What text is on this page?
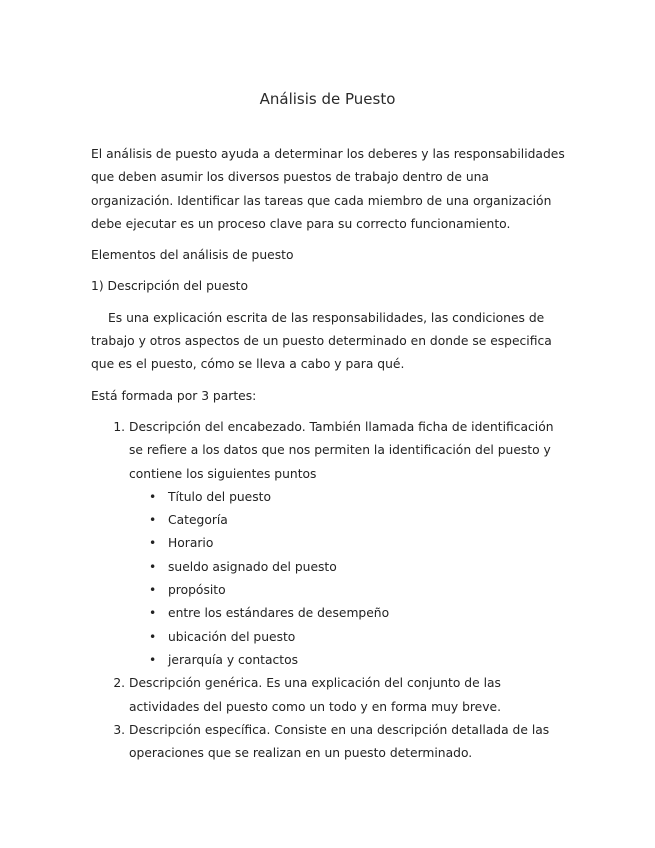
Análisis de Puesto

El análisis de puesto ayuda a determinar los deberes y las responsabilidades que deben asumir los diversos puestos de trabajo dentro de una organización. Identificar las tareas que cada miembro de una organización debe ejecutar es un proceso clave para su correcto funcionamiento.

Elementos del análisis de puesto

1) Descripción del puesto

Es una explicación escrita de las responsabilidades, las condiciones de trabajo y otros aspectos de un puesto determinado en donde se especifica que es el puesto, cómo se lleva a cabo y para qué.

Está formada por 3 partes:

1. Descripción del encabezado. También llamada ficha de identificación se refiere a los datos que nos permiten la identificación del puesto y contiene los siguientes puntos
• Título del puesto
• Categoría
• Horario
• sueldo asignado del puesto
• propósito
• entre los estándares de desempeño
• ubicación del puesto
• jerarquía y contactos
2. Descripción genérica. Es una explicación del conjunto de las actividades del puesto como un todo y en forma muy breve.
3. Descripción específica. Consiste en una descripción detallada de las operaciones que se realizan en un puesto determinado.
